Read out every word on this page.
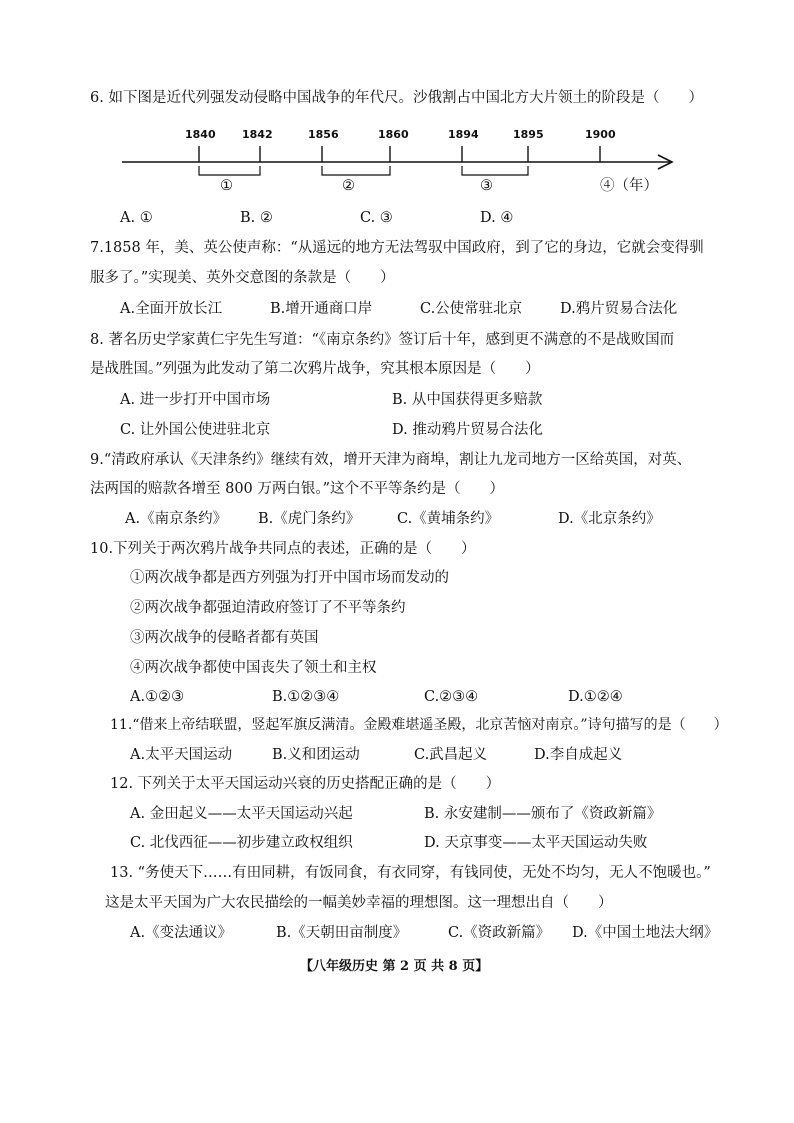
6. 如下图是近代列强发动侵略中国战争的年代尺。沙俄割占中国北方大片领土的阶段是（　　）
1840 1842	1856	1860	1894	1895	1900
①	②	③	④（年）
A. ①	B. ②	C. ③	D. ④
7.1858 年，美、英公使声称：“从遥远的地方无法驾驭中国政府，到了它的身边，它就会变得驯
服多了。”实现美、英外交意图的条款是（　　）
A.全面开放长江	B.增开通商口岸	C.公使常驻北京	D.鸦片贸易合法化
8. 著名历史学家黄仁宇先生写道：“《南京条约》签订后十年，感到更不满意的不是战败国而
是战胜国。”列强为此发动了第二次鸦片战争，究其根本原因是（　　）
A. 进一步打开中国市场	B. 从中国获得更多赔款
C. 让外国公使进驻北京	D. 推动鸦片贸易合法化
9.“清政府承认《天津条约》继续有效，增开天津为商埠，割让九龙司地方一区给英国，对英、
法两国的赔款各增至 800 万两白银。”这个不平等条约是（　　）
A.《南京条约》 B.《虎门条约》	C.《黄埔条约》	D.《北京条约》
10.下列关于两次鸦片战争共同点的表述，正确的是（　　）
①两次战争都是西方列强为打开中国市场而发动的
②两次战争都强迫清政府签订了不平等条约
③两次战争的侵略者都有英国
④两次战争都使中国丧失了领土和主权
A.①②③	B.①②③④	C.②③④	D.①②④
11.“借来上帝结联盟，竖起军旗反满清。金殿难堪遥圣殿，北京苦恼对南京。”诗句描写的是（　　）
A.太平天国运动	B.义和团运动	C.武昌起义	D.李自成起义
12. 下列关于太平天国运动兴衰的历史搭配正确的是（　　）
A. 金田起义——太平天国运动兴起	B. 永安建制——颁布了《资政新篇》
C. 北伐西征——初步建立政权组织	D. 天京事变——太平天国运动失败
13. “务使天下……有田同耕，有饭同食，有衣同穿，有钱同使，无处不均匀，无人不饱暖也。”
这是太平天国为广大农民描绘的一幅美妙幸福的理想图。这一理想出自（　　）
A.《变法通议》	B.《天朝田亩制度》	C.《资政新篇》 D.《中国土地法大纲》
【八年级历史 第 2 页 共 8 页】
